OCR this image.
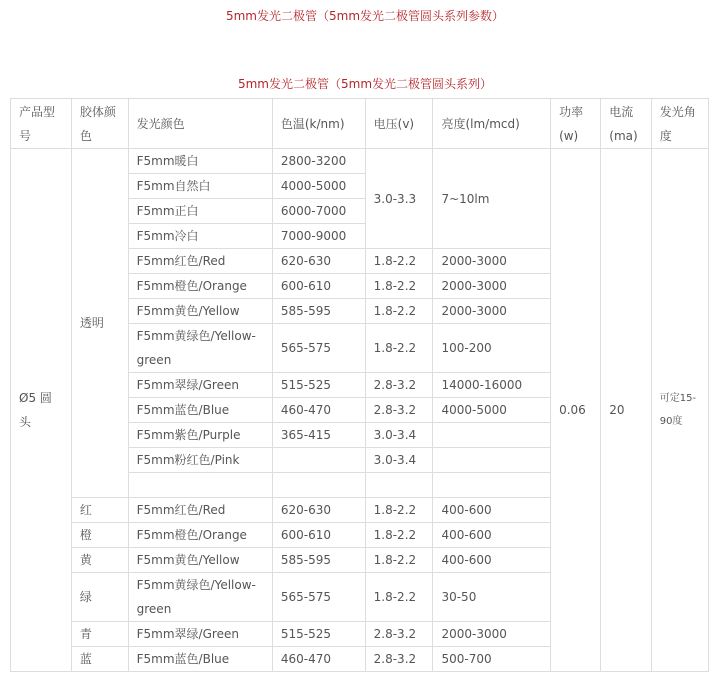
5mm发光二极管（5mm发光二极管圆头系列参数）
5mm发光二极管（5mm发光二极管圆头系列）
产品型号	胶体颜色	发光颜色	色温(k/nm)	电压(v)	亮度(lm/mcd)	功率(w)	电流(ma)	发光角度
Ø5 圆头	透明	F5mm暖白	2800-3200	3.0-3.3	7~10lm	0.06	20	可定15-90度
		F5mm自然白	4000-5000					
		F5mm正白	6000-7000					
		F5mm冷白	7000-9000					
		F5mm红色/Red	620-630	1.8-2.2	2000-3000			
		F5mm橙色/Orange	600-610	1.8-2.2	2000-3000			
		F5mm黄色/Yellow	585-595	1.8-2.2	2000-3000			
		F5mm黄绿色/Yellow-green	565-575	1.8-2.2	100-200			
		F5mm翠绿/Green	515-525	2.8-3.2	14000-16000			
		F5mm蓝色/Blue	460-470	2.8-3.2	4000-5000			
		F5mm紫色/Purple	365-415	3.0-3.4				
		F5mm粉红色/Pink		3.0-3.4				

	红	F5mm红色/Red	620-630	1.8-2.2	400-600			
	橙	F5mm橙色/Orange	600-610	1.8-2.2	400-600			
	黄	F5mm黄色/Yellow	585-595	1.8-2.2	400-600			
	绿	F5mm黄绿色/Yellow-green	565-575	1.8-2.2	30-50			
	青	F5mm翠绿/Green	515-525	2.8-3.2	2000-3000			
	蓝	F5mm蓝色/Blue	460-470	2.8-3.2	500-700			
